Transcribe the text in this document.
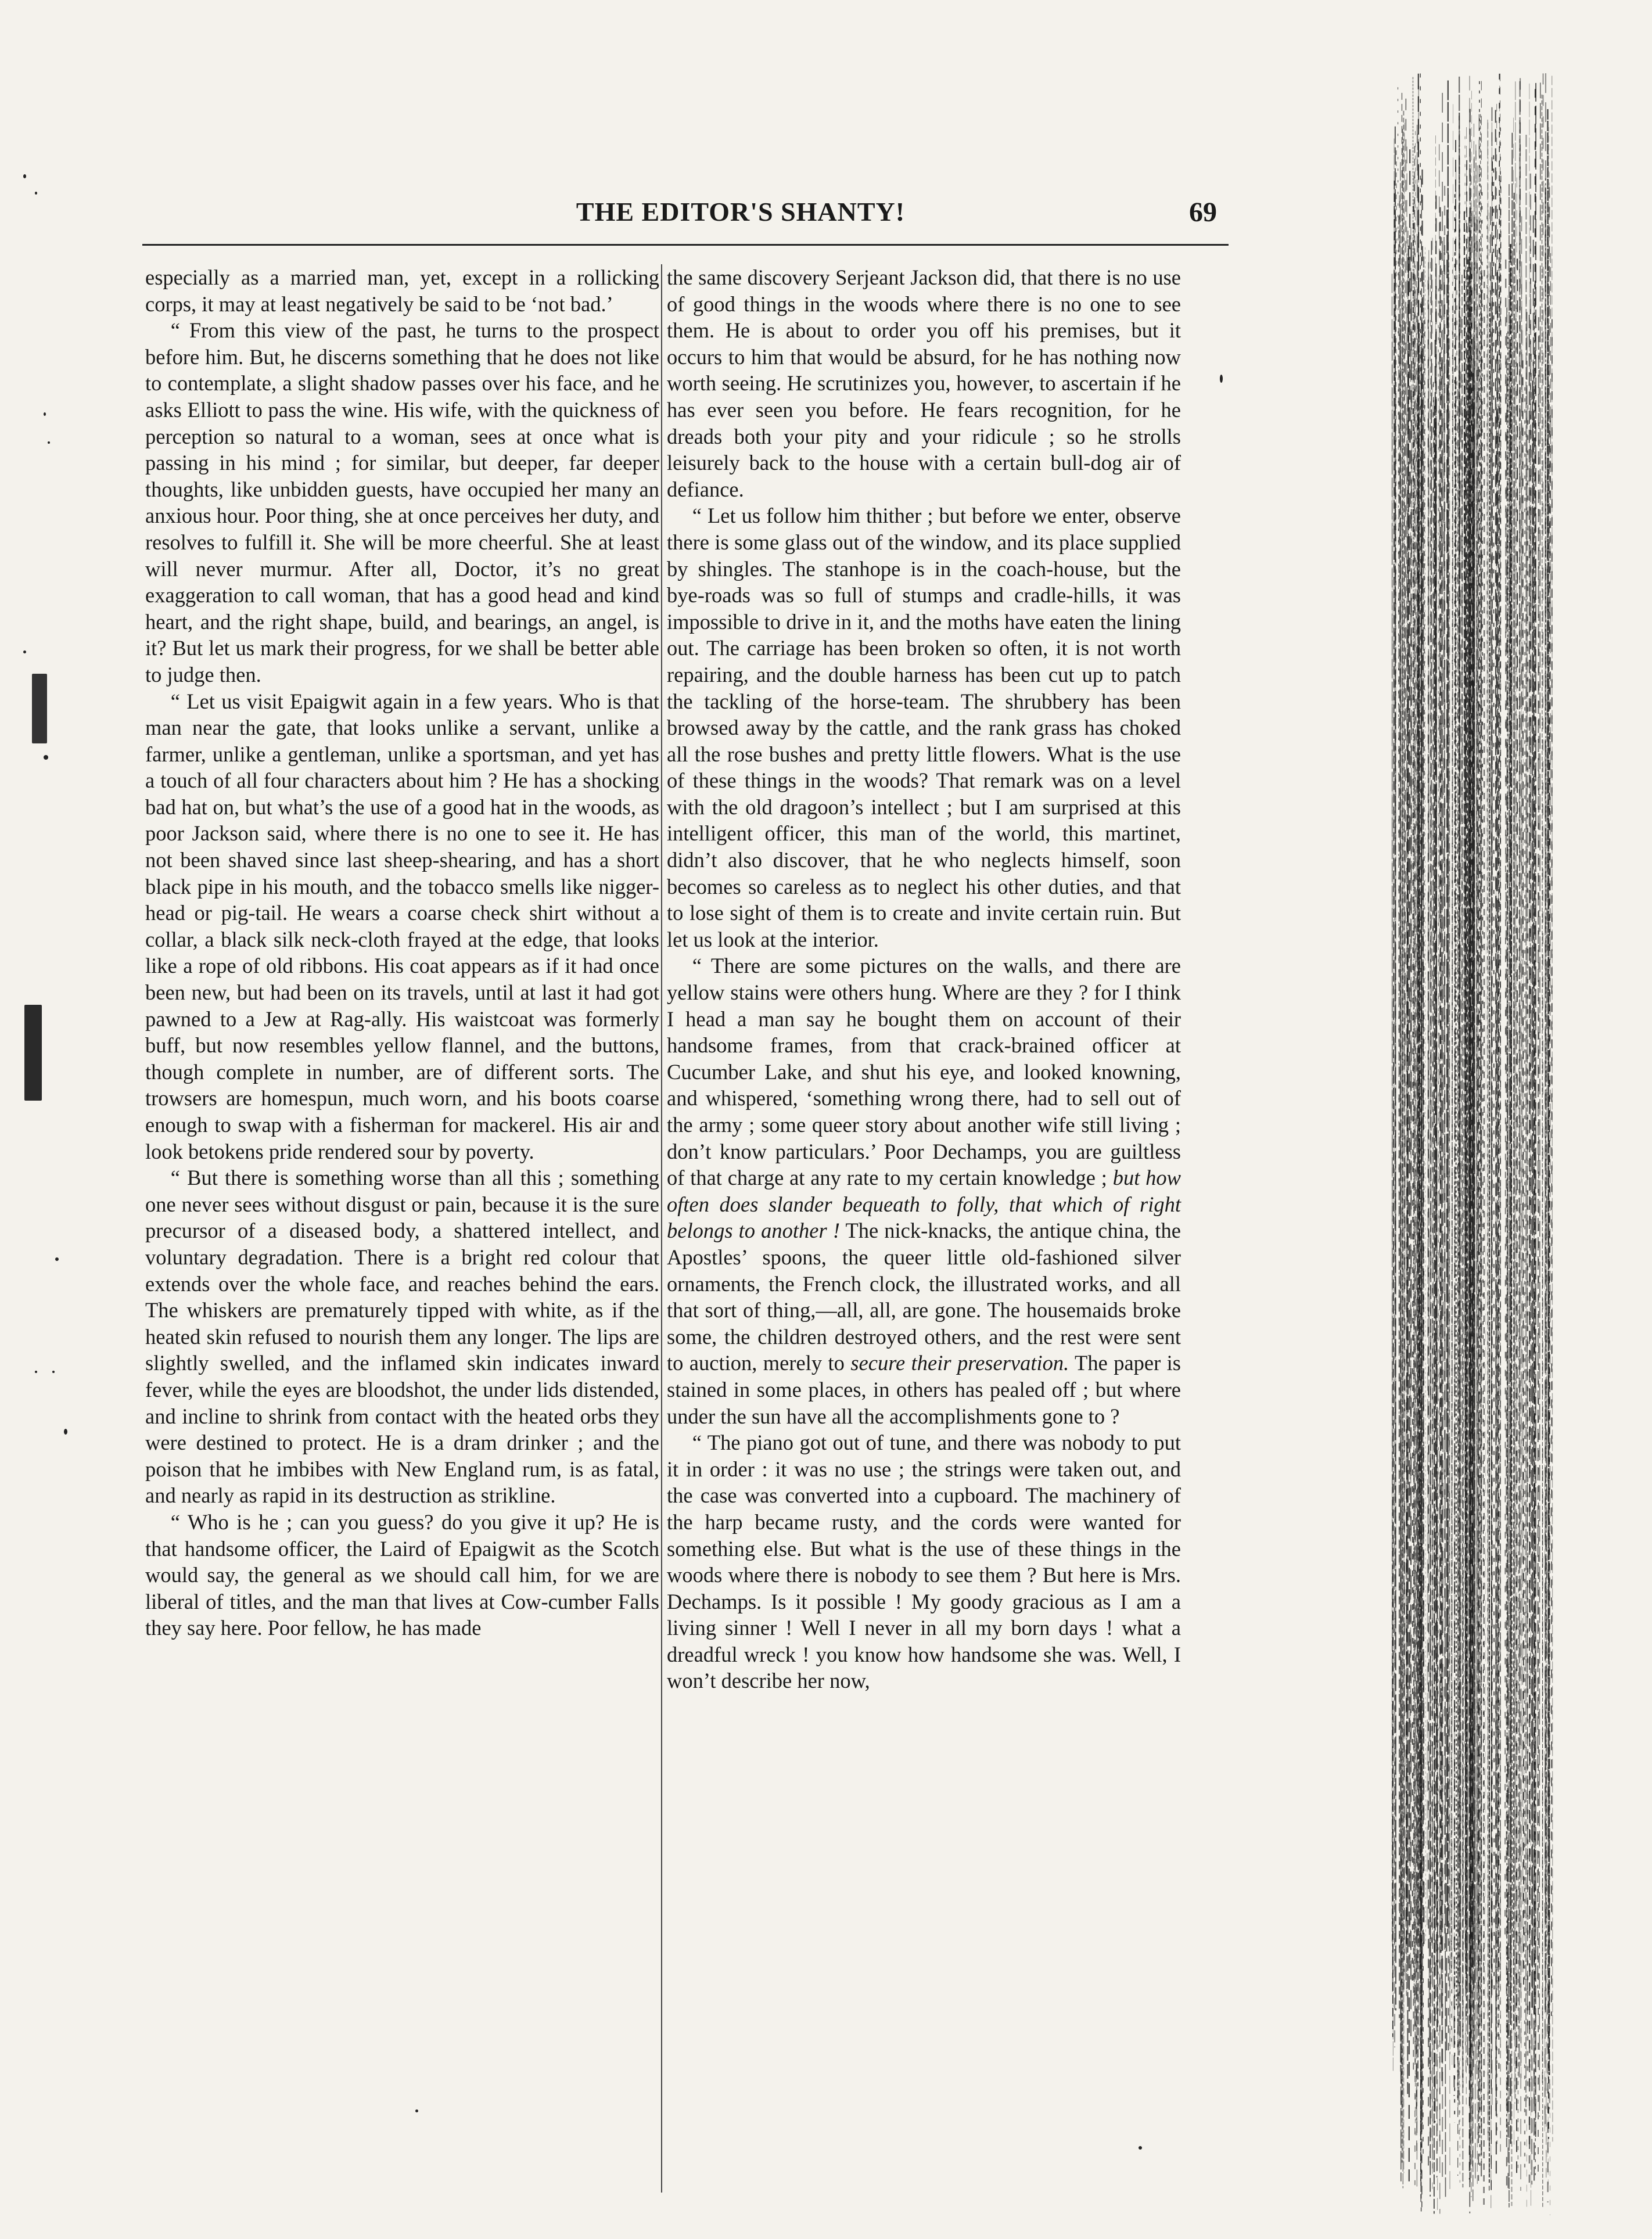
THE EDITOR'S SHANTY!	69

especially as a married man, yet, except in a rollicking corps, it may at least negatively be said to be ‘not bad.’

“ From this view of the past, he turns to the prospect before him. But, he discerns something that he does not like to contemplate, a slight shadow passes over his face, and he asks Elliott to pass the wine. His wife, with the quickness of perception so natural to a woman, sees at once what is passing in his mind ; for similar, but deeper, far deeper thoughts, like unbidden guests, have occupied her many an anxious hour. Poor thing, she at once perceives her duty, and resolves to fulfill it. She will be more cheerful. She at least will never murmur. After all, Doctor, it’s no great exaggeration to call woman, that has a good head and kind heart, and the right shape, build, and bearings, an angel, is it? But let us mark their progress, for we shall be better able to judge then.

“ Let us visit Epaigwit again in a few years. Who is that man near the gate, that looks unlike a servant, unlike a farmer, unlike a gentleman, unlike a sportsman, and yet has a touch of all four characters about him ? He has a shocking bad hat on, but what’s the use of a good hat in the woods, as poor Jackson said, where there is no one to see it. He has not been shaved since last sheep-shearing, and has a short black pipe in his mouth, and the tobacco smells like nigger-head or pig-tail. He wears a coarse check shirt without a collar, a black silk neck-cloth frayed at the edge, that looks like a rope of old ribbons. His coat appears as if it had once been new, but had been on its travels, until at last it had got pawned to a Jew at Rag-ally. His waistcoat was formerly buff, but now resembles yellow flannel, and the buttons, though complete in number, are of different sorts. The trowsers are homespun, much worn, and his boots coarse enough to swap with a fisherman for mackerel. His air and look betokens pride rendered sour by poverty.

“ But there is something worse than all this ; something one never sees without disgust or pain, because it is the sure precursor of a diseased body, a shattered intellect, and voluntary degradation. There is a bright red colour that extends over the whole face, and reaches behind the ears. The whiskers are prematurely tipped with white, as if the heated skin refused to nourish them any longer. The lips are slightly swelled, and the inflamed skin indicates inward fever, while the eyes are bloodshot, the under lids distended, and incline to shrink from contact with the heated orbs they were destined to protect. He is a dram drinker ; and the poison that he imbibes with New England rum, is as fatal, and nearly as rapid in its destruction as strikline.

“ Who is he ; can you guess? do you give it up? He is that handsome officer, the Laird of Epaigwit as the Scotch would say, the general as we should call him, for we are liberal of titles, and the man that lives at Cow-cumber Falls they say here. Poor fellow, he has made

the same discovery Serjeant Jackson did, that there is no use of good things in the woods where there is no one to see them. He is about to order you off his premises, but it occurs to him that would be absurd, for he has nothing now worth seeing. He scrutinizes you, however, to ascertain if he has ever seen you before. He fears recognition, for he dreads both your pity and your ridicule ; so he strolls leisurely back to the house with a certain bull-dog air of defiance.

“ Let us follow him thither ; but before we enter, observe there is some glass out of the window, and its place supplied by shingles. The stanhope is in the coach-house, but the bye-roads was so full of stumps and cradle-hills, it was impossible to drive in it, and the moths have eaten the lining out. The carriage has been broken so often, it is not worth repairing, and the double harness has been cut up to patch the tackling of the horse-team. The shrubbery has been browsed away by the cattle, and the rank grass has choked all the rose bushes and pretty little flowers. What is the use of these things in the woods? That remark was on a level with the old dragoon’s intellect ; but I am surprised at this intelligent officer, this man of the world, this martinet, didn’t also discover, that he who neglects himself, soon becomes so careless as to neglect his other duties, and that to lose sight of them is to create and invite certain ruin. But let us look at the interior.

“ There are some pictures on the walls, and there are yellow stains were others hung. Where are they ? for I think I head a man say he bought them on account of their handsome frames, from that crack-brained officer at Cucumber Lake, and shut his eye, and looked knowning, and whispered, ‘something wrong there, had to sell out of the army ; some queer story about another wife still living ; don’t know particulars.’ Poor Dechamps, you are guiltless of that charge at any rate to my certain knowledge ; but how often does slander bequeath to folly, that which of right belongs to another ! The nick-knacks, the antique china, the Apostles’ spoons, the queer little old-fashioned silver ornaments, the French clock, the illustrated works, and all that sort of thing,—all, all, are gone. The housemaids broke some, the children destroyed others, and the rest were sent to auction, merely to secure their preservation. The paper is stained in some places, in others has pealed off ; but where under the sun have all the accomplishments gone to ?

“ The piano got out of tune, and there was nobody to put it in order : it was no use ; the strings were taken out, and the case was converted into a cupboard. The machinery of the harp became rusty, and the cords were wanted for something else. But what is the use of these things in the woods where there is nobody to see them ? But here is Mrs. Dechamps. Is it possible ! My goody gracious as I am a living sinner ! Well I never in all my born days ! what a dreadful wreck ! you know how handsome she was. Well, I won’t describe her now,
